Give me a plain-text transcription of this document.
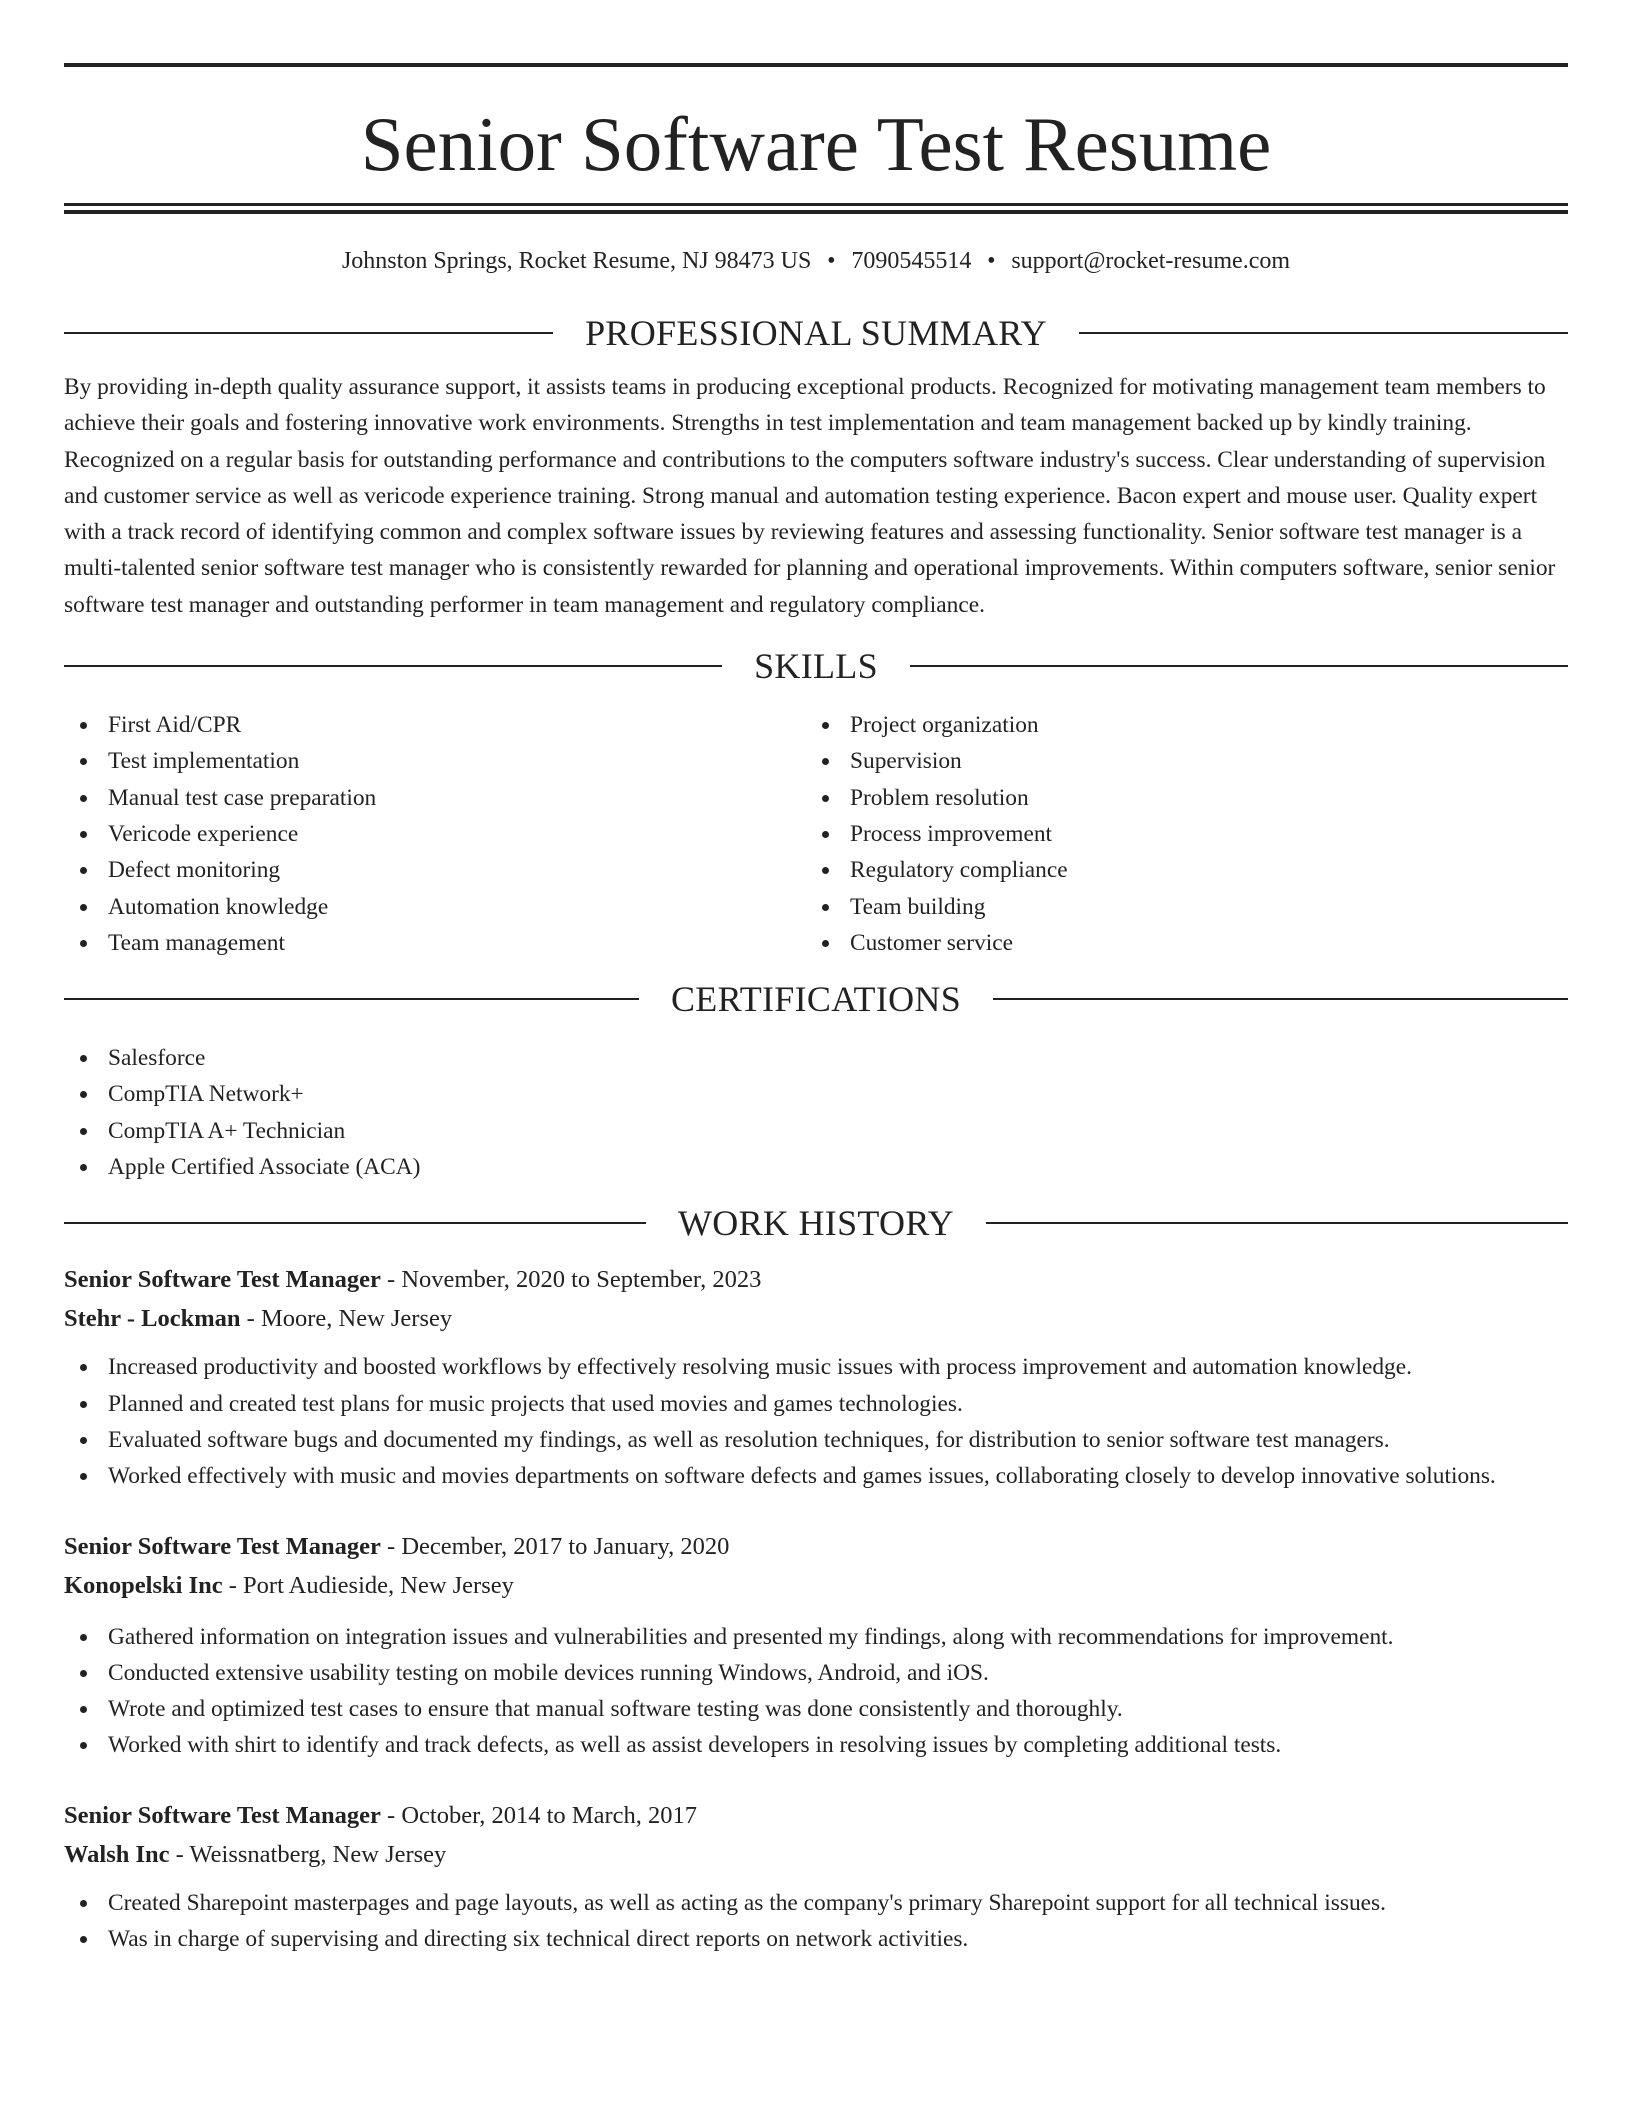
Senior Software Test Resume
Johnston Springs, Rocket Resume, NJ 98473 US • 7090545514 • support@rocket-resume.com
PROFESSIONAL SUMMARY

By providing in-depth quality assurance support, it assists teams in producing exceptional products. Recognized for motivating management team members to achieve their goals and fostering innovative work environments. Strengths in test implementation and team management backed up by kindly training. Recognized on a regular basis for outstanding performance and contributions to the computers software industry's success. Clear understanding of supervision and customer service as well as vericode experience training. Strong manual and automation testing experience. Bacon expert and mouse user. Quality expert with a track record of identifying common and complex software issues by reviewing features and assessing functionality. Senior software test manager is a multi-talented senior software test manager who is consistently rewarded for planning and operational improvements. Within computers software, senior senior software test manager and outstanding performer in team management and regulatory compliance.

SKILLS
First Aid/CPR
Test implementation
Manual test case preparation
Vericode experience
Defect monitoring
Automation knowledge
Team management
Project organization
Supervision
Problem resolution
Process improvement
Regulatory compliance
Team building
Customer service
CERTIFICATIONS
Salesforce
CompTIA Network+
CompTIA A+ Technician
Apple Certified Associate (ACA)
WORK HISTORY
Senior Software Test Manager - November, 2020 to September, 2023
Stehr - Lockman - Moore, New Jersey
Increased productivity and boosted workflows by effectively resolving music issues with process improvement and automation knowledge.
Planned and created test plans for music projects that used movies and games technologies.
Evaluated software bugs and documented my findings, as well as resolution techniques, for distribution to senior software test managers.
Worked effectively with music and movies departments on software defects and games issues, collaborating closely to develop innovative solutions.
Senior Software Test Manager - December, 2017 to January, 2020
Konopelski Inc - Port Audieside, New Jersey
Gathered information on integration issues and vulnerabilities and presented my findings, along with recommendations for improvement.
Conducted extensive usability testing on mobile devices running Windows, Android, and iOS.
Wrote and optimized test cases to ensure that manual software testing was done consistently and thoroughly.
Worked with shirt to identify and track defects, as well as assist developers in resolving issues by completing additional tests.
Senior Software Test Manager - October, 2014 to March, 2017
Walsh Inc - Weissnatberg, New Jersey
Created Sharepoint masterpages and page layouts, as well as acting as the company's primary Sharepoint support for all technical issues.
Was in charge of supervising and directing six technical direct reports on network activities.
